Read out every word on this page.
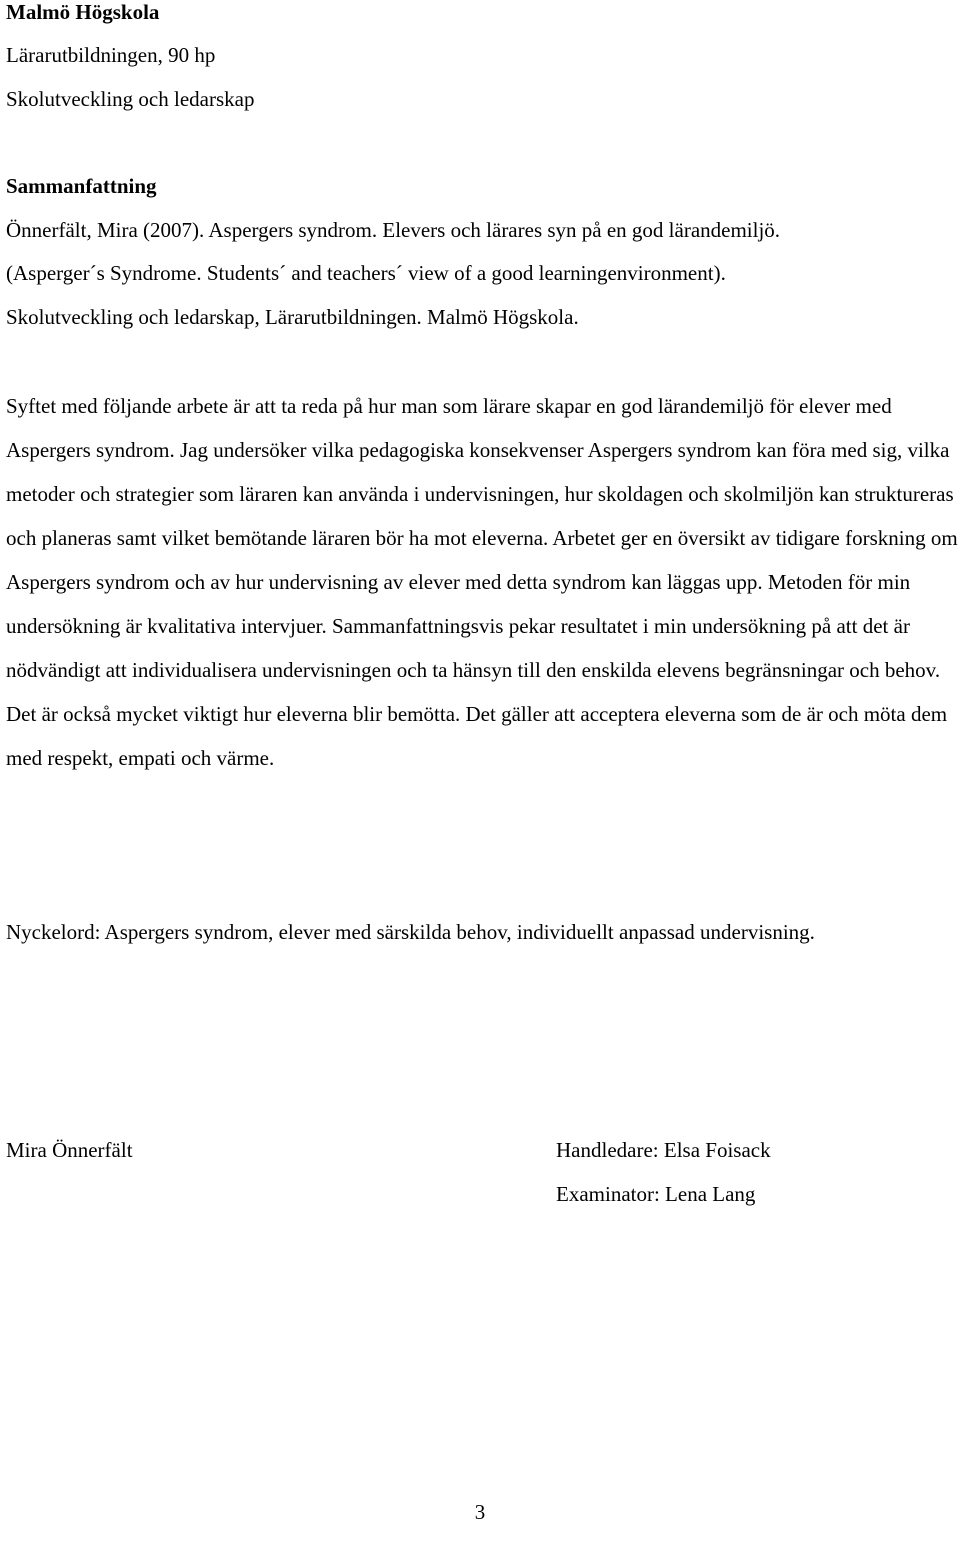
Malmö Högskola
Lärarutbildningen, 90 hp
Skolutveckling och ledarskap
Sammanfattning
Önnerfält, Mira (2007). Aspergers syndrom. Elevers och lärares syn på en god lärandemiljö.
(Asperger´s Syndrome. Students´ and teachers´ view of a good learningenvironment).
Skolutveckling och ledarskap, Lärarutbildningen. Malmö Högskola.
Syftet med följande arbete är att ta reda på hur man som lärare skapar en god lärandemiljö för elever med Aspergers syndrom. Jag undersöker vilka pedagogiska konsekvenser Aspergers syndrom kan föra med sig, vilka metoder och strategier som läraren kan använda i undervisningen, hur skoldagen och skolmiljön kan struktureras och planeras samt vilket bemötande läraren bör ha mot eleverna. Arbetet ger en översikt av tidigare forskning om Aspergers syndrom och av hur undervisning av elever med detta syndrom kan läggas upp. Metoden för min undersökning är kvalitativa intervjuer. Sammanfattningsvis pekar resultatet i min undersökning på att det är nödvändigt att individualisera undervisningen och ta hänsyn till den enskilda elevens begränsningar och behov. Det är också mycket viktigt hur eleverna blir bemötta. Det gäller att acceptera eleverna som de är och möta dem med respekt, empati och värme.
Nyckelord: Aspergers syndrom, elever med särskilda behov, individuellt anpassad undervisning.
Mira Önnerfält	Handledare: Elsa Foisack
Examinator: Lena Lang
3
